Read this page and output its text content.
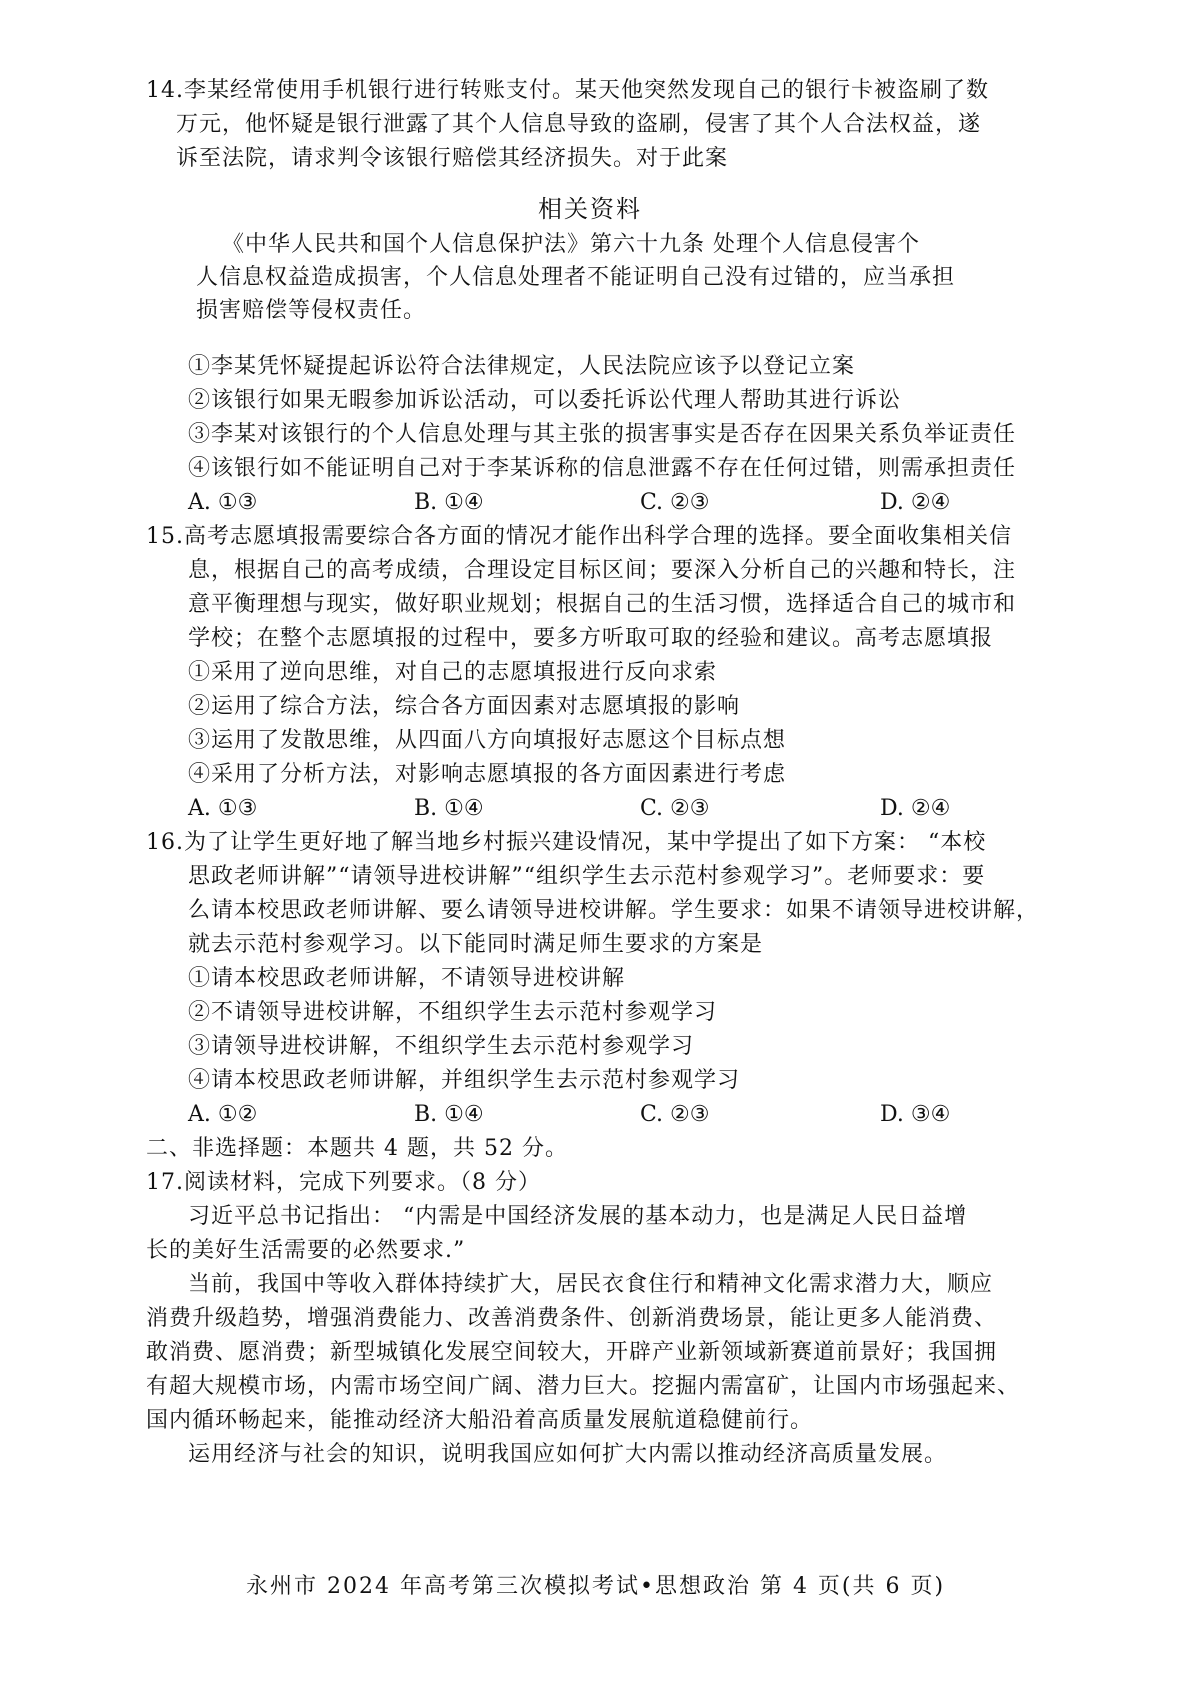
14.李某经常使用手机银行进行转账支付。某天他突然发现自己的银行卡被盗刷了数
万元，他怀疑是银行泄露了其个人信息导致的盗刷，侵害了其个人合法权益，遂
诉至法院，请求判令该银行赔偿其经济损失。对于此案
相关资料
《中华人民共和国个人信息保护法》第六十九条 处理个人信息侵害个
人信息权益造成损害，个人信息处理者不能证明自己没有过错的，应当承担
损害赔偿等侵权责任。
①李某凭怀疑提起诉讼符合法律规定，人民法院应该予以登记立案
②该银行如果无暇参加诉讼活动，可以委托诉讼代理人帮助其进行诉讼
③李某对该银行的个人信息处理与其主张的损害事实是否存在因果关系负举证责任
④该银行如不能证明自己对于李某诉称的信息泄露不存在任何过错，则需承担责任
A. ①③	B. ①④	C. ②③	D. ②④
15.高考志愿填报需要综合各方面的情况才能作出科学合理的选择。要全面收集相关信
息，根据自己的高考成绩，合理设定目标区间；要深入分析自己的兴趣和特长，注
意平衡理想与现实，做好职业规划；根据自己的生活习惯，选择适合自己的城市和
学校；在整个志愿填报的过程中，要多方听取可取的经验和建议。高考志愿填报
①采用了逆向思维，对自己的志愿填报进行反向求索
②运用了综合方法，综合各方面因素对志愿填报的影响
③运用了发散思维，从四面八方向填报好志愿这个目标点想
④采用了分析方法，对影响志愿填报的各方面因素进行考虑
A. ①③	B. ①④	C. ②③	D. ②④
16.为了让学生更好地了解当地乡村振兴建设情况，某中学提出了如下方案： “本校
思政老师讲解”“请领导进校讲解”“组织学生去示范村参观学习”。老师要求：要
么请本校思政老师讲解、要么请领导进校讲解。学生要求：如果不请领导进校讲解，
就去示范村参观学习。以下能同时满足师生要求的方案是
①请本校思政老师讲解，不请领导进校讲解
②不请领导进校讲解，不组织学生去示范村参观学习
③请领导进校讲解，不组织学生去示范村参观学习
④请本校思政老师讲解，并组织学生去示范村参观学习
A. ①②	B. ①④	C. ②③	D. ③④
二、非选择题：本题共 4 题，共 52 分。
17.阅读材料，完成下列要求。（8 分）
习近平总书记指出： “内需是中国经济发展的基本动力，也是满足人民日益增
长的美好生活需要的必然要求.”
当前，我国中等收入群体持续扩大，居民衣食住行和精神文化需求潜力大，顺应
消费升级趋势，增强消费能力、改善消费条件、创新消费场景，能让更多人能消费、
敢消费、愿消费；新型城镇化发展空间较大，开辟产业新领域新赛道前景好；我国拥
有超大规模市场，内需市场空间广阔、潜力巨大。挖掘内需富矿，让国内市场强起来、
国内循环畅起来，能推动经济大船沿着高质量发展航道稳健前行。
运用经济与社会的知识，说明我国应如何扩大内需以推动经济高质量发展。
永州市 2024 年高考第三次模拟考试•思想政治 第 4 页(共 6 页)
